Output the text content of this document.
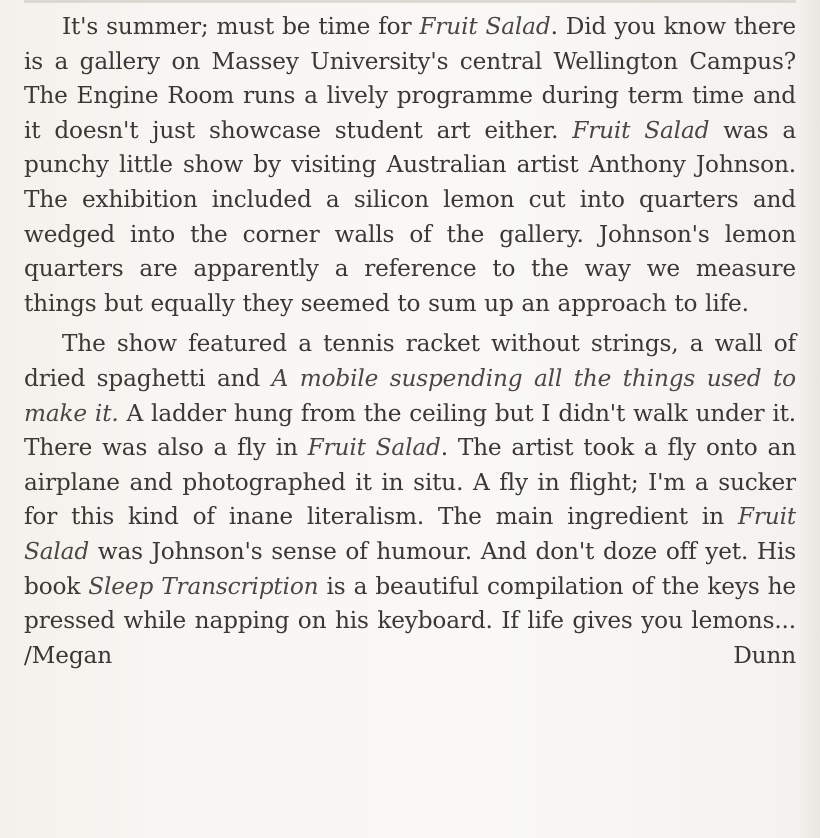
It's summer; must be time for Fruit Salad. Did you know there is a gallery on Massey University's central Wellington Campus? The Engine Room runs a lively programme during term time and it doesn't just showcase student art either. Fruit Salad was a punchy little show by visiting Australian artist Anthony Johnson. The exhibition included a silicon lemon cut into quarters and wedged into the corner walls of the gallery. Johnson's lemon quarters are apparently a reference to the way we measure things but equally they seemed to sum up an approach to life.

The show featured a tennis racket without strings, a wall of dried spaghetti and A mobile suspending all the things used to make it. A ladder hung from the ceiling but I didn't walk under it. There was also a fly in Fruit Salad. The artist took a fly onto an airplane and photographed it in situ. A fly in flight; I'm a sucker for this kind of inane literalism. The main ingredient in Fruit Salad was Johnson's sense of humour. And don't doze off yet. His book Sleep Transcription is a beautiful compilation of the keys he pressed while napping on his keyboard. If life gives you lemons... /Megan Dunn
